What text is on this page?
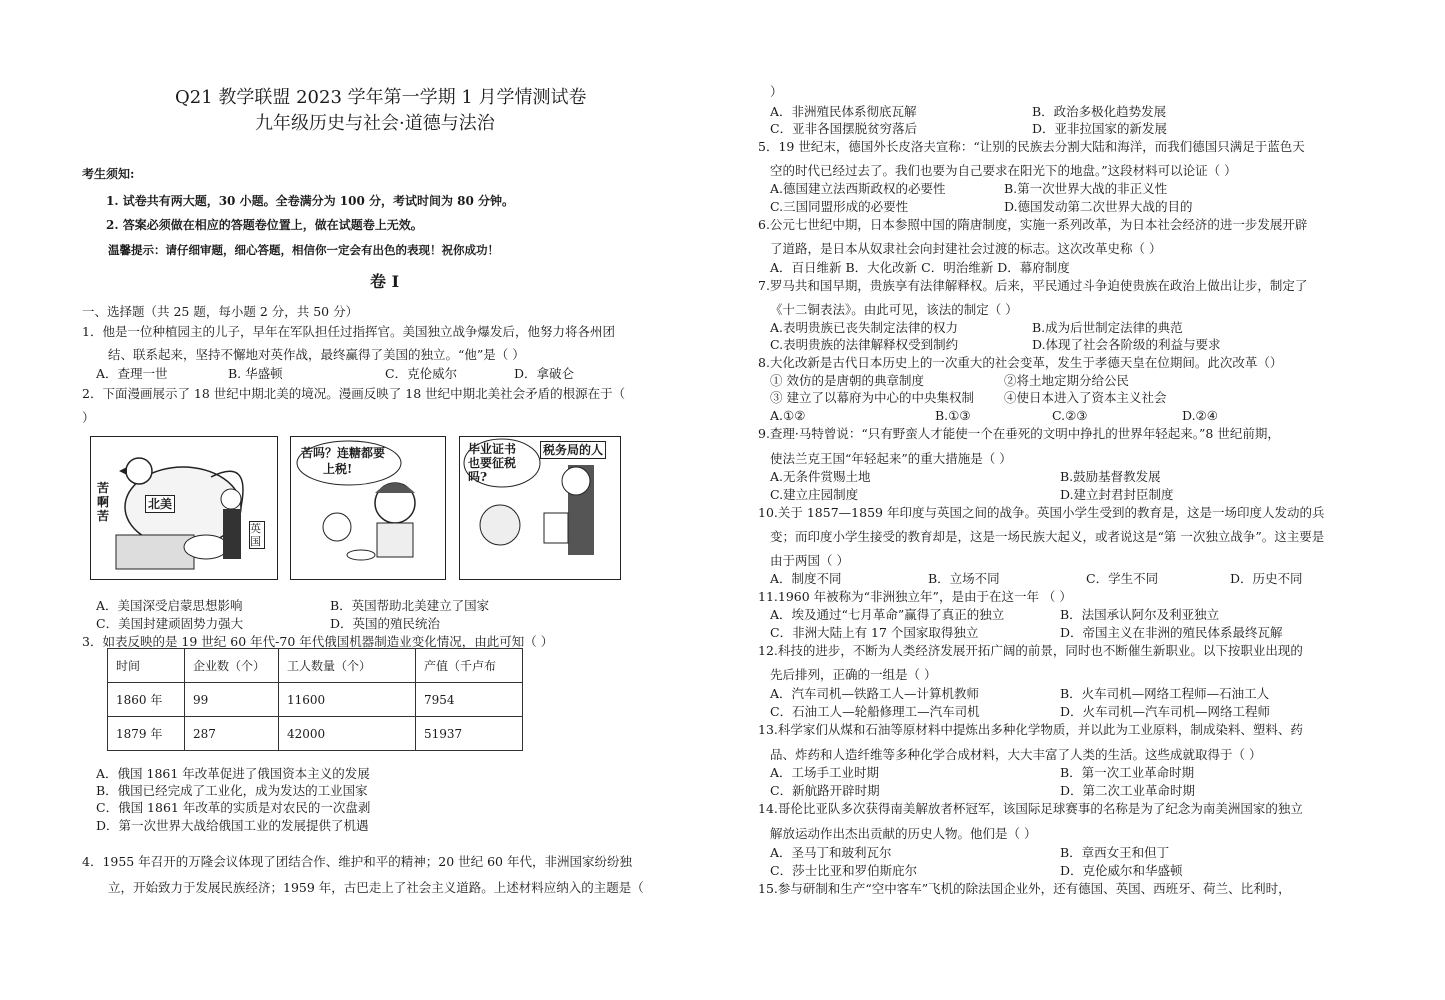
Q21 教学联盟 2023 学年第一学期 1 月学情测试卷
九年级历史与社会·道德与法治
考生须知:
1. 试卷共有两大题，30 小题。全卷满分为 100 分，考试时间为 80 分钟。
2. 答案必须做在相应的答题卷位置上，做在试题卷上无效。
温馨提示：请仔细审题，细心答题，相信你一定会有出色的表现！祝你成功！
卷 I
一、选择题（共 25 题，每小题 2 分，共 50 分）
1．他是一位种植园主的儿子，早年在军队担任过指挥官。美国独立战争爆发后，他努力将各州团
结、联系起来，坚持不懈地对英作战，最终赢得了美国的独立。“他”是（ ）
A．查理一世	B. 华盛顿	C．克伦威尔	D．拿破仑
2．下面漫画展示了 18 世纪中期北美的境况。漫画反映了 18 世纪中期北美社会矛盾的根源在于（
）
苦啊苦
北美
英国
苦吗？连糖都要
上税!
毕业证书
也要征税
吗?
税务局的人
A．美国深受启蒙思想影响	B．英国帮助北美建立了国家
C．美国封建顽固势力强大	D．英国的殖民统治
3．如表反映的是 19 世纪 60 年代-70 年代俄国机器制造业变化情况，由此可知（ ）
时间	企业数（个）	工人数量（个）	产值（千卢布
1860 年	99	11600	7954
1879 年	287	42000	51937
A．俄国 1861 年改革促进了俄国资本主义的发展
B．俄国已经完成了工业化，成为发达的工业国家
C．俄国 1861 年改革的实质是对农民的一次盘剥
D．第一次世界大战给俄国工业的发展提供了机遇
4．1955 年召开的万隆会议体现了团结合作、维护和平的精神；20 世纪 60 年代，非洲国家纷纷独
立，开始致力于发展民族经济；1959 年，古巴走上了社会主义道路。上述材料应纳入的主题是（
）
A．非洲殖民体系彻底瓦解	B．政治多极化趋势发展
C．亚非各国摆脱贫穷落后	D．亚非拉国家的新发展
5．19 世纪末，德国外长皮洛夫宣称：“让别的民族去分割大陆和海洋，而我们德国只满足于蓝色天
空的时代已经过去了。我们也要为自己要求在阳光下的地盘。”这段材料可以论证（ ）
A.德国建立法西斯政权的必要性	B.第一次世界大战的非正义性
C.三国同盟形成的必要性	D.德国发动第二次世界大战的目的
6.公元七世纪中期，日本参照中国的隋唐制度，实施一系列改革，为日本社会经济的进一步发展开辟
了道路，是日本从奴隶社会向封建社会过渡的标志。这次改革史称（ ）
A．百日维新 B．大化改新 C．明治维新 D．幕府制度
7.罗马共和国早期，贵族享有法律解释权。后来，平民通过斗争迫使贵族在政治上做出让步，制定了
《十二铜表法》。由此可见，该法的制定（ ）
A.表明贵族已丧失制定法律的权力	B.成为后世制定法律的典范
C.表明贵族的法律解释权受到制约	D.体现了社会各阶级的利益与要求
8.大化改新是古代日本历史上的一次重大的社会变革，发生于孝德天皇在位期间。此次改革（）
① 效仿的是唐朝的典章制度	②将土地定期分给公民
③ 建立了以幕府为中心的中央集权制 ④使日本进入了资本主义社会
A.①②	B.①③	C.②③	D.②④
9.查理·马特曾说：“只有野蛮人才能使一个在垂死的文明中挣扎的世界年轻起来。”8 世纪前期，
使法兰克王国“年轻起来”的重大措施是（ ）
A.无条件赏赐土地	B.鼓励基督教发展
C.建立庄园制度	D.建立封君封臣制度
10.关于 1857—1859 年印度与英国之间的战争。英国小学生受到的教育是，这是一场印度人发动的兵
变；而印度小学生接受的教育却是，这是一场民族大起义，或者说这是“第 一次独立战争”。这主要是
由于两国（ ）
A．制度不同	B．立场不同	C．学生不同	D．历史不同
11.1960 年被称为“非洲独立年”，是由于在这一年 （ ）
A．埃及通过“七月革命”赢得了真正的独立	B．法国承认阿尔及利亚独立
C．非洲大陆上有 17 个国家取得独立	D．帝国主义在非洲的殖民体系最终瓦解
12.科技的进步，不断为人类经济发展开拓广阔的前景，同时也不断催生新职业。以下按职业出现的
先后排列，正确的一组是（ ）
A．汽车司机—铁路工人—计算机教师	B．火车司机—网络工程师—石油工人
C．石油工人—轮船修理工—汽车司机	D．火车司机—汽车司机—网络工程师
13.科学家们从煤和石油等原材料中提炼出多种化学物质，并以此为工业原料，制成染料、塑料、药
品、炸药和人造纤维等多种化学合成材料，大大丰富了人类的生活。这些成就取得于（ ）
A．工场手工业时期	B．第一次工业革命时期
C．新航路开辟时期	D．第二次工业革命时期
14.哥伦比亚队多次获得南美解放者杯冠军，该国际足球赛事的名称是为了纪念为南美洲国家的独立
解放运动作出杰出贡献的历史人物。他们是（ ）
A．圣马丁和玻利瓦尔	B．章西女王和但丁
C．莎士比亚和罗伯斯庇尔	D．克伦威尔和华盛顿
15.参与研制和生产“空中客车”飞机的除法国企业外，还有德国、英国、西班牙、荷兰、比利时，
